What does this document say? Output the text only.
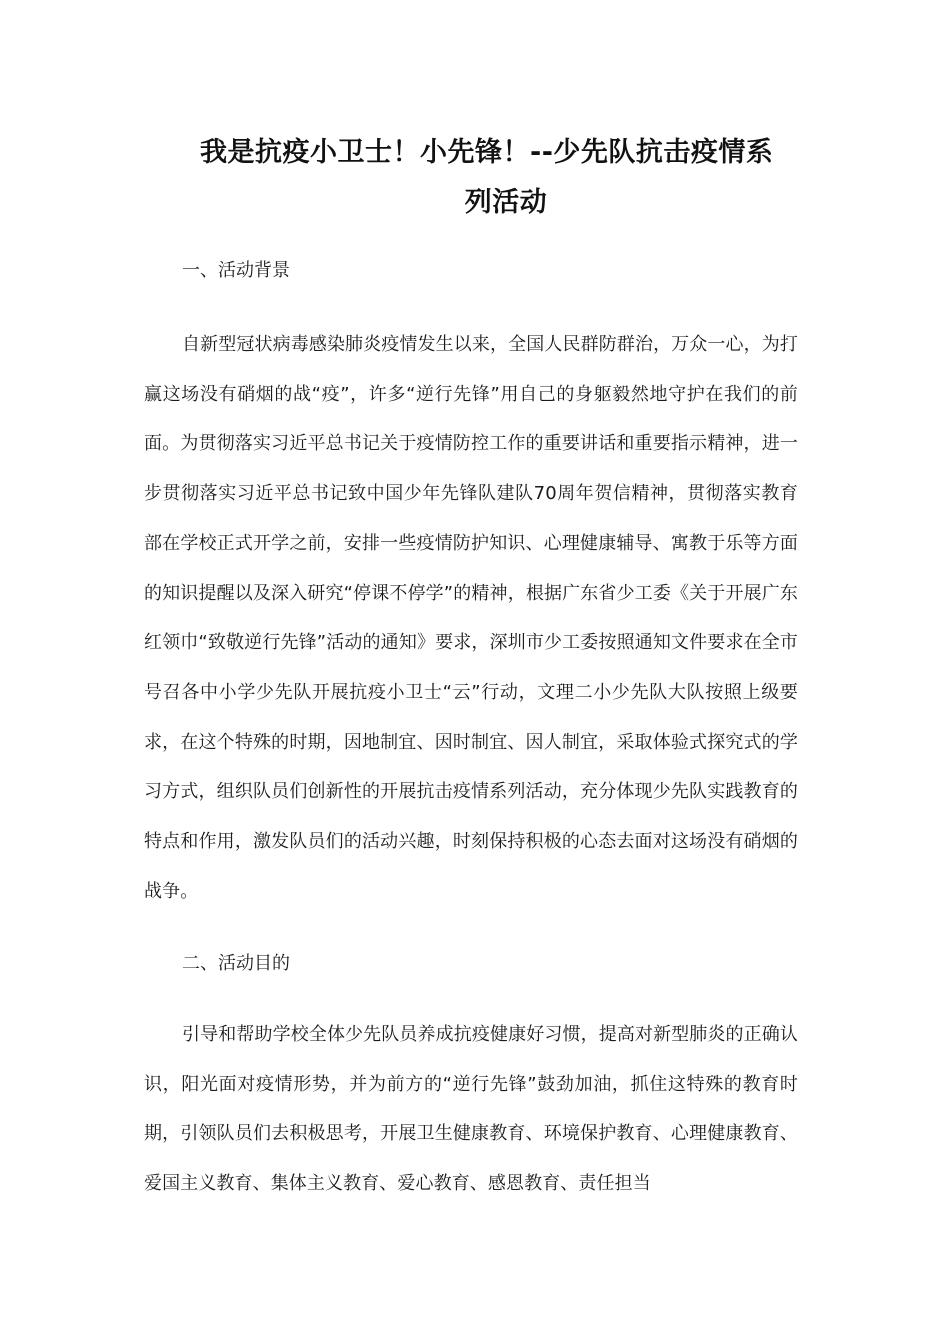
我是抗疫小卫士！小先锋！--少先队抗击疫情系
列活动
一、活动背景
自新型冠状病毒感染肺炎疫情发生以来，全国人民群防群治，万众一心，为打赢这场没有硝烟的战“疫”，许多“逆行先锋”用自己的身躯毅然地守护在我们的前面。为贯彻落实习近平总书记关于疫情防控工作的重要讲话和重要指示精神，进一步贯彻落实习近平总书记致中国少年先锋队建队70周年贺信精神，贯彻落实教育部在学校正式开学之前，安排一些疫情防护知识、心理健康辅导、寓教于乐等方面的知识提醒以及深入研究“停课不停学”的精神，根据广东省少工委《关于开展广东红领巾“致敬逆行先锋”活动的通知》要求，深圳市少工委按照通知文件要求在全市号召各中小学少先队开展抗疫小卫士“云”行动，文理二小少先队大队按照上级要求，在这个特殊的时期，因地制宜、因时制宜、因人制宜，采取体验式探究式的学习方式，组织队员们创新性的开展抗击疫情系列活动，充分体现少先队实践教育的特点和作用，激发队员们的活动兴趣，时刻保持积极的心态去面对这场没有硝烟的战争。
二、活动目的
引导和帮助学校全体少先队员养成抗疫健康好习惯，提高对新型肺炎的正确认识，阳光面对疫情形势，并为前方的“逆行先锋”鼓劲加油，抓住这特殊的教育时期，引领队员们去积极思考，开展卫生健康教育、环境保护教育、心理健康教育、爱国主义教育、集体主义教育、爱心教育、感恩教育、责任担当
